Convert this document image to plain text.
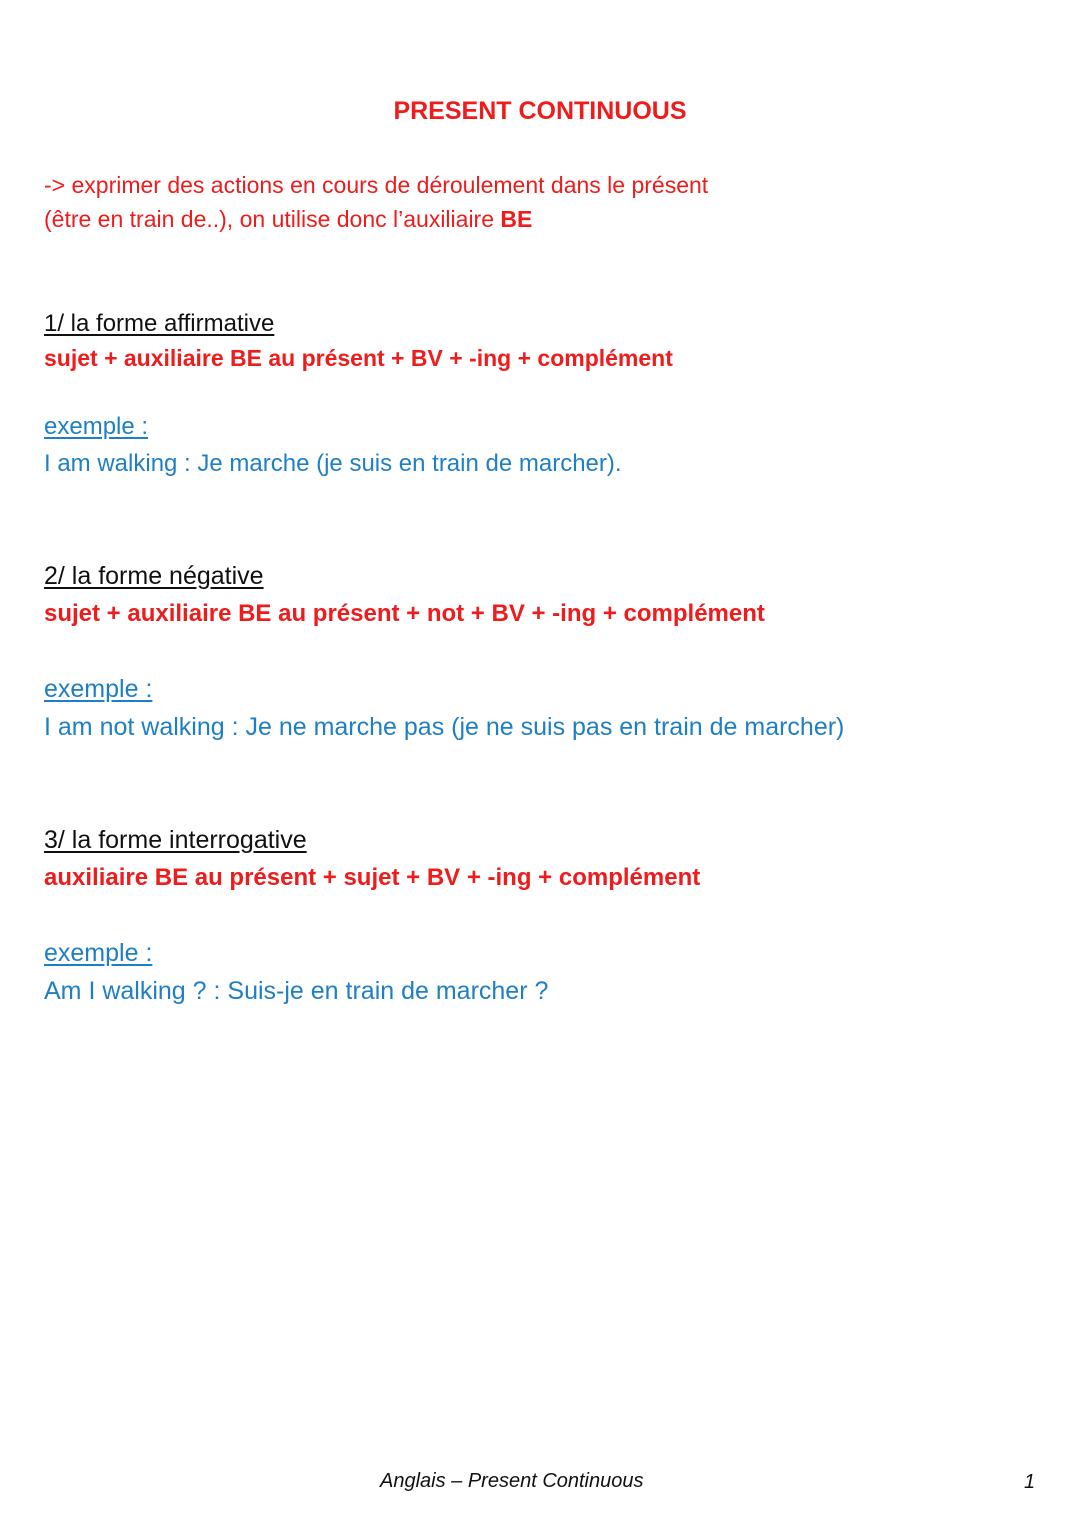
PRESENT CONTINUOUS
-> exprimer des actions en cours de déroulement dans le présent
(être en train de..), on utilise donc l’auxiliaire BE
1/ la forme affirmative
sujet + auxiliaire BE au présent + BV + -ing + complément
exemple :
I am walking : Je marche (je suis en train de marcher).
2/ la forme négative
sujet + auxiliaire BE au présent + not + BV + -ing + complément
exemple :
I am not walking : Je ne marche pas (je ne suis pas en train de marcher)
3/ la forme interrogative
auxiliaire BE au présent + sujet + BV + -ing + complément
exemple :
Am I walking ? : Suis-je en train de marcher ?
Anglais – Present Continuous	1
